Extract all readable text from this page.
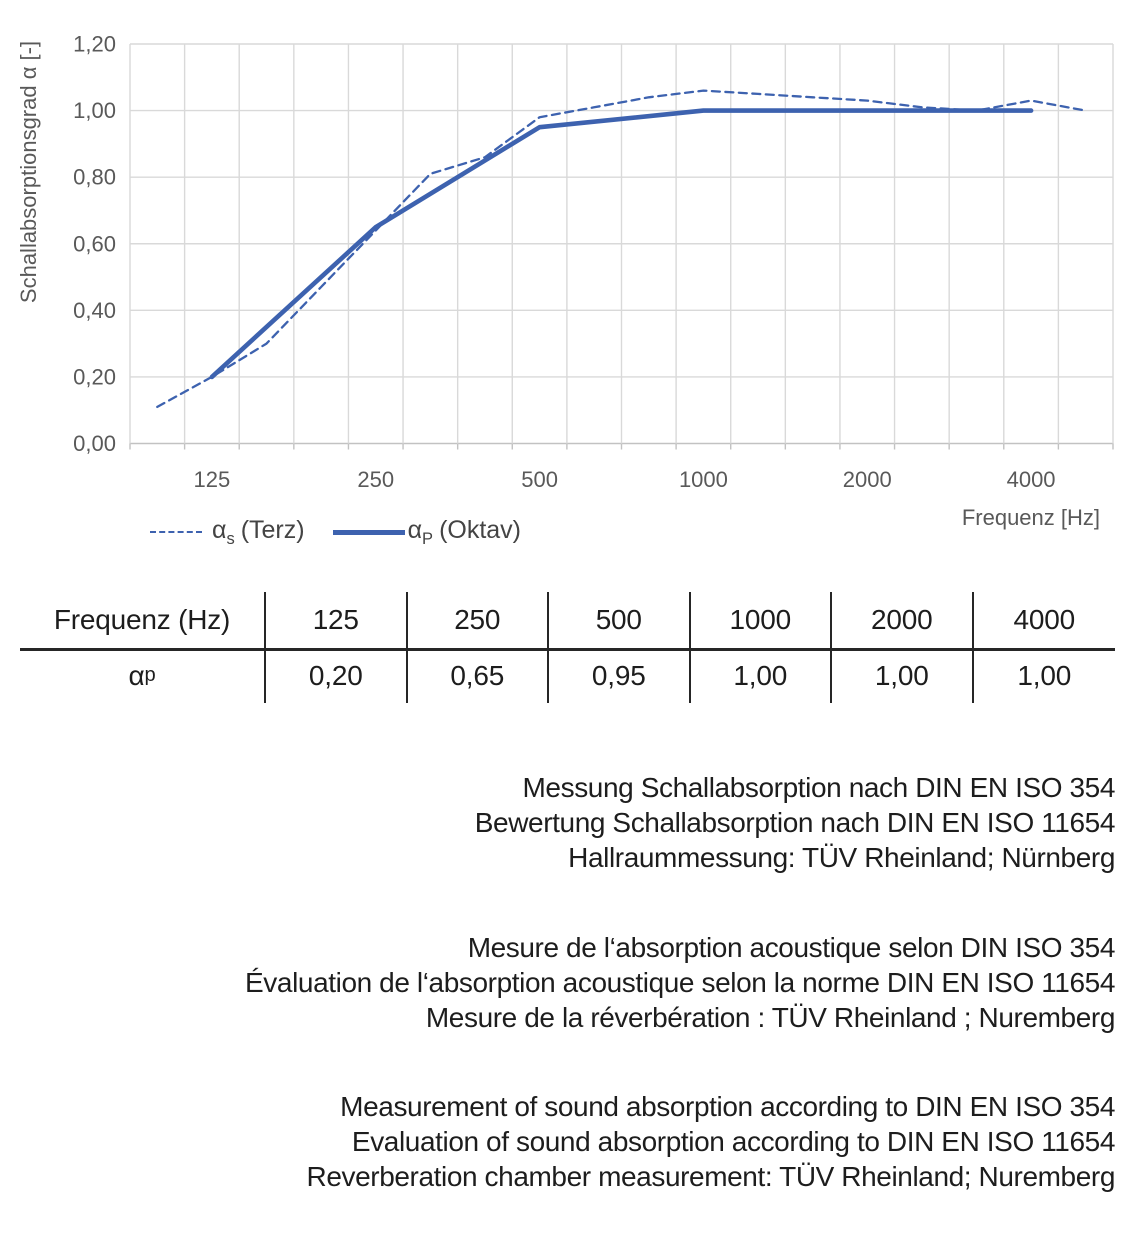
0,00
0,20
0,40
0,60
0,80
1,00
1,20
125	250	500	1000	2000	4000
Schallabsorptionsgrad α [-]
Frequenz [Hz]
$\alpha_s$ (Terz)	$\alpha_P$ (Oktav)
Frequenz (Hz)	125	250	500	1000	2000	4000
α p	0,20	0,65	0,95	1,00	1,00	1,00
Messung Schallabsorption nach DIN EN ISO 354
Bewertung Schallabsorption nach DIN EN ISO 11654
Hallraummessung: TÜV Rheinland; Nürnberg
Mesure de l‘absorption acoustique selon DIN ISO 354
Évaluation de l‘absorption acoustique selon la norme DIN EN ISO 11654
Mesure de la réverbération : TÜV Rheinland ; Nuremberg
Measurement of sound absorption according to DIN EN ISO 354
Evaluation of sound absorption according to DIN EN ISO 11654
Reverberation chamber measurement: TÜV Rheinland; Nuremberg
